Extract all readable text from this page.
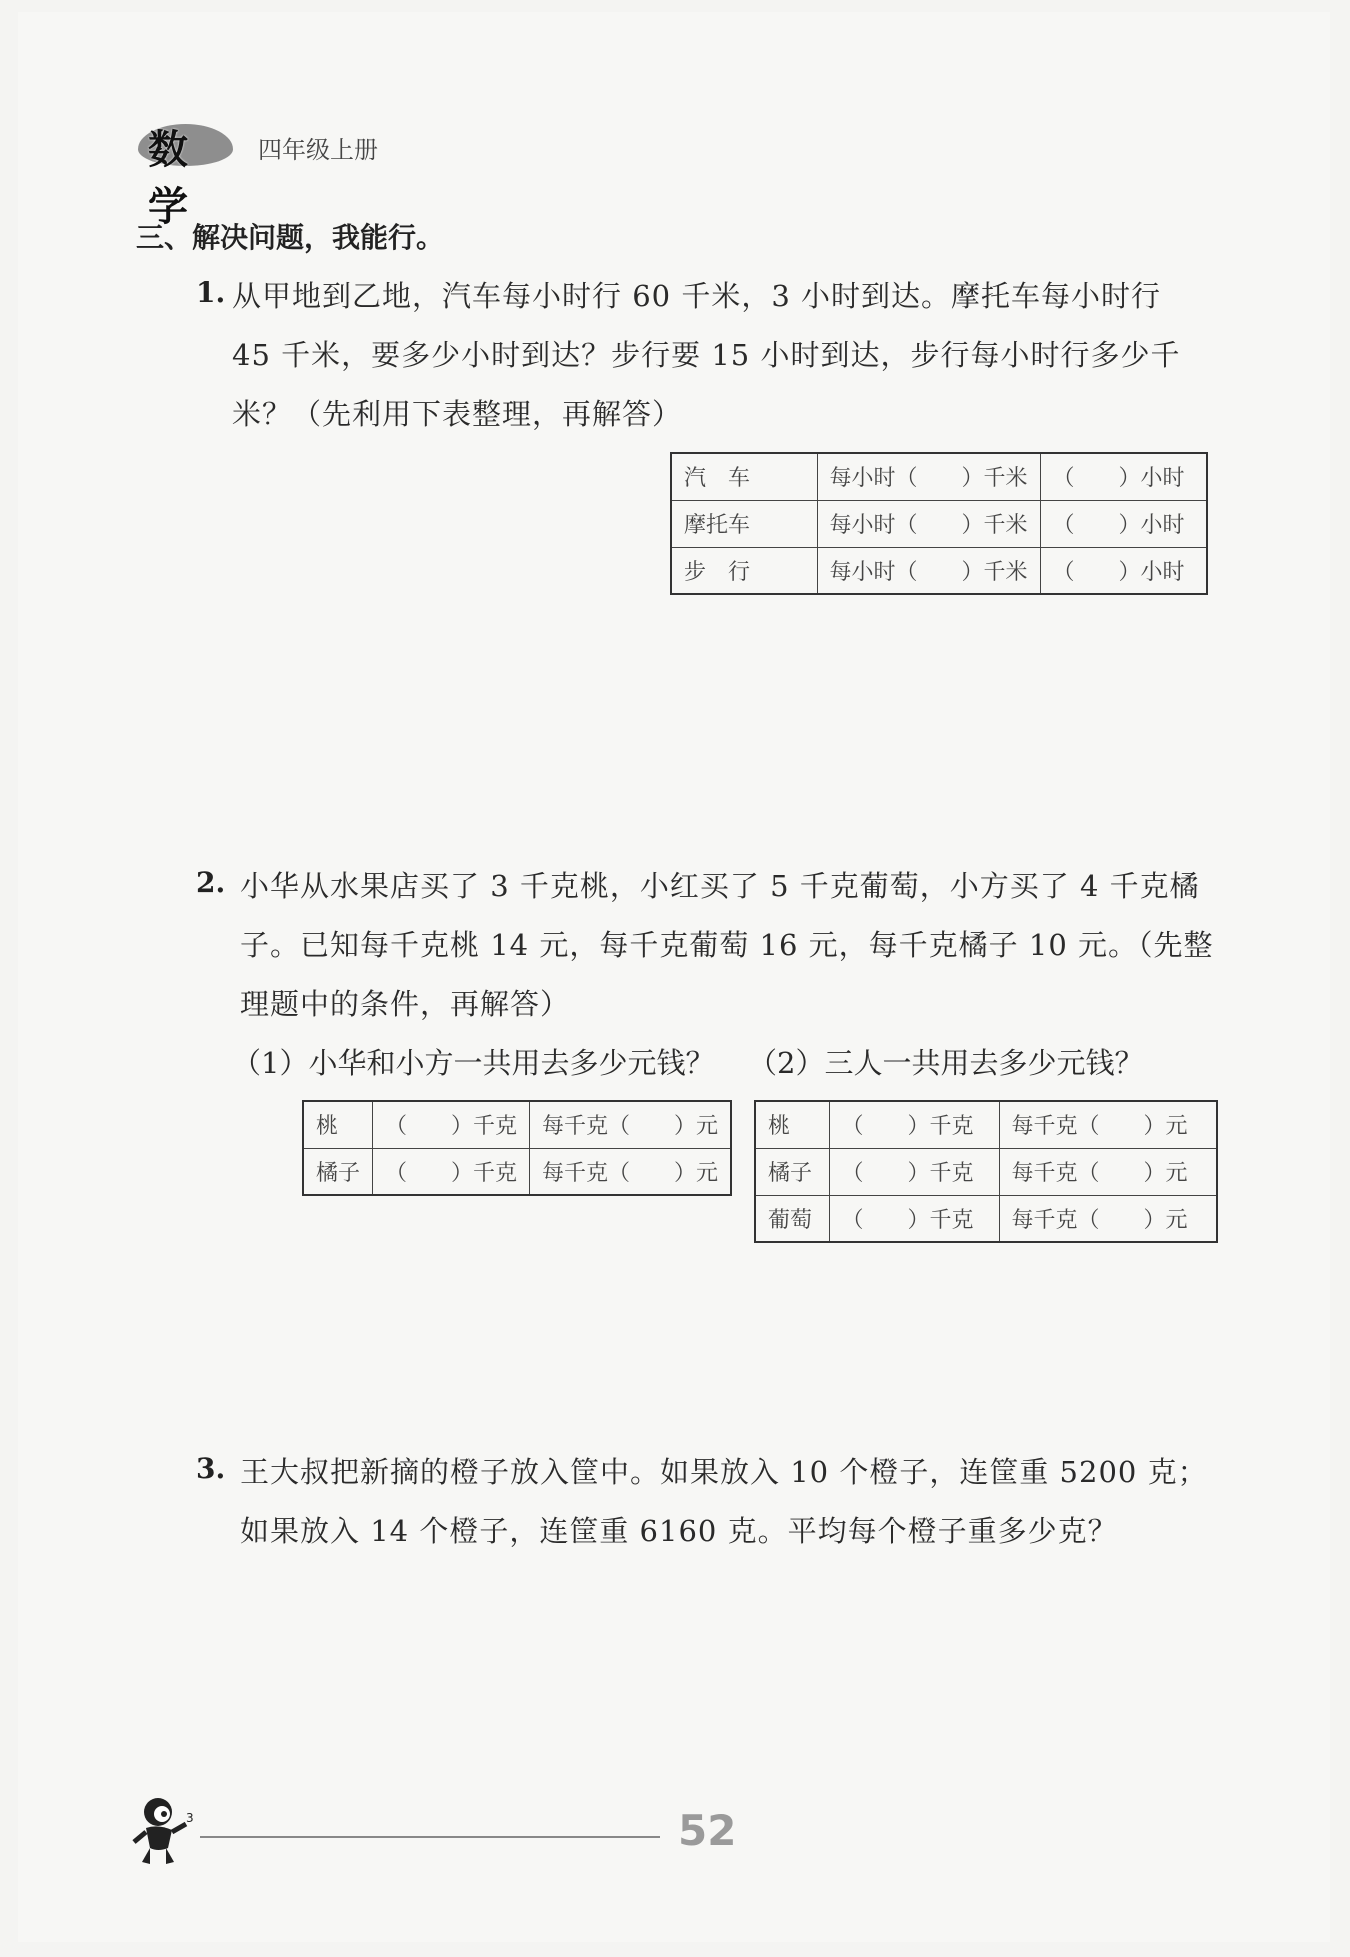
数学
四年级上册
三、解决问题，我能行。
1. 从甲地到乙地，汽车每小时行 60 千米，3 小时到达。摩托车每小时行
45 千米，要多少小时到达？步行要 15 小时到达，步行每小时行多少千
米？（先利用下表整理，再解答）
汽　车	每小时（　　）千米	（　　）小时
摩托车	每小时（　　）千米	（　　）小时
步　行	每小时（　　）千米	（　　）小时
2. 小华从水果店买了 3 千克桃，小红买了 5 千克葡萄，小方买了 4 千克橘
子。已知每千克桃 14 元，每千克葡萄 16 元，每千克橘子 10 元。（先整
理题中的条件，再解答）
（1）小华和小方一共用去多少元钱？ （2）三人一共用去多少元钱？
桃	（　　）千克	每千克（　　）元
橘子	（　　）千克	每千克（　　）元
桃	（　　）千克	每千克（　　）元
橘子	（　　）千克	每千克（　　）元
葡萄	（　　）千克	每千克（　　）元
3. 王大叔把新摘的橙子放入筐中。如果放入 10 个橙子，连筐重 5200 克；
如果放入 14 个橙子，连筐重 6160 克。平均每个橙子重多少克？
3	52
